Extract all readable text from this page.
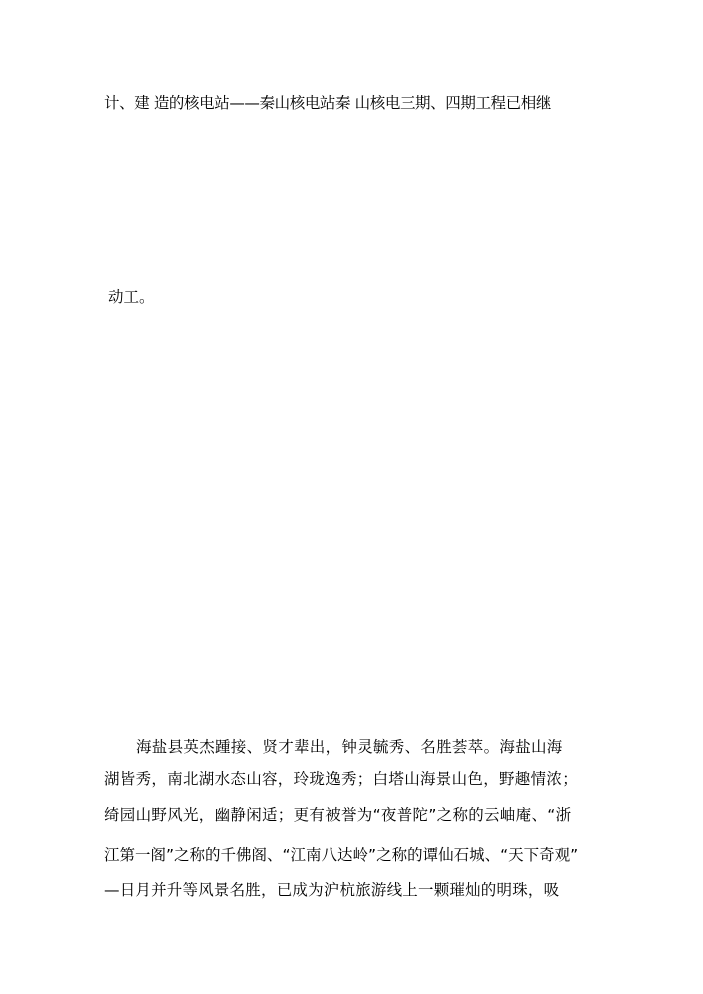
计、建 造的核电站——秦山核电站秦 山核电三期、四期工程已相继
动工。
海盐县英杰踵接、贤才辈出，钟灵毓秀、名胜荟萃。海盐山海
湖皆秀，南北湖水态山容，玲珑逸秀；白塔山海景山色，野趣情浓；
绮园山野风光，幽静闲适；更有被誉为“夜普陀”之称的云岫庵、“浙
江第一阁”之称的千佛阁、“江南八达岭”之称的谭仙石城、“天下奇观”
—日月并升等风景名胜，已成为沪杭旅游线上一颗璀灿的明珠，吸
